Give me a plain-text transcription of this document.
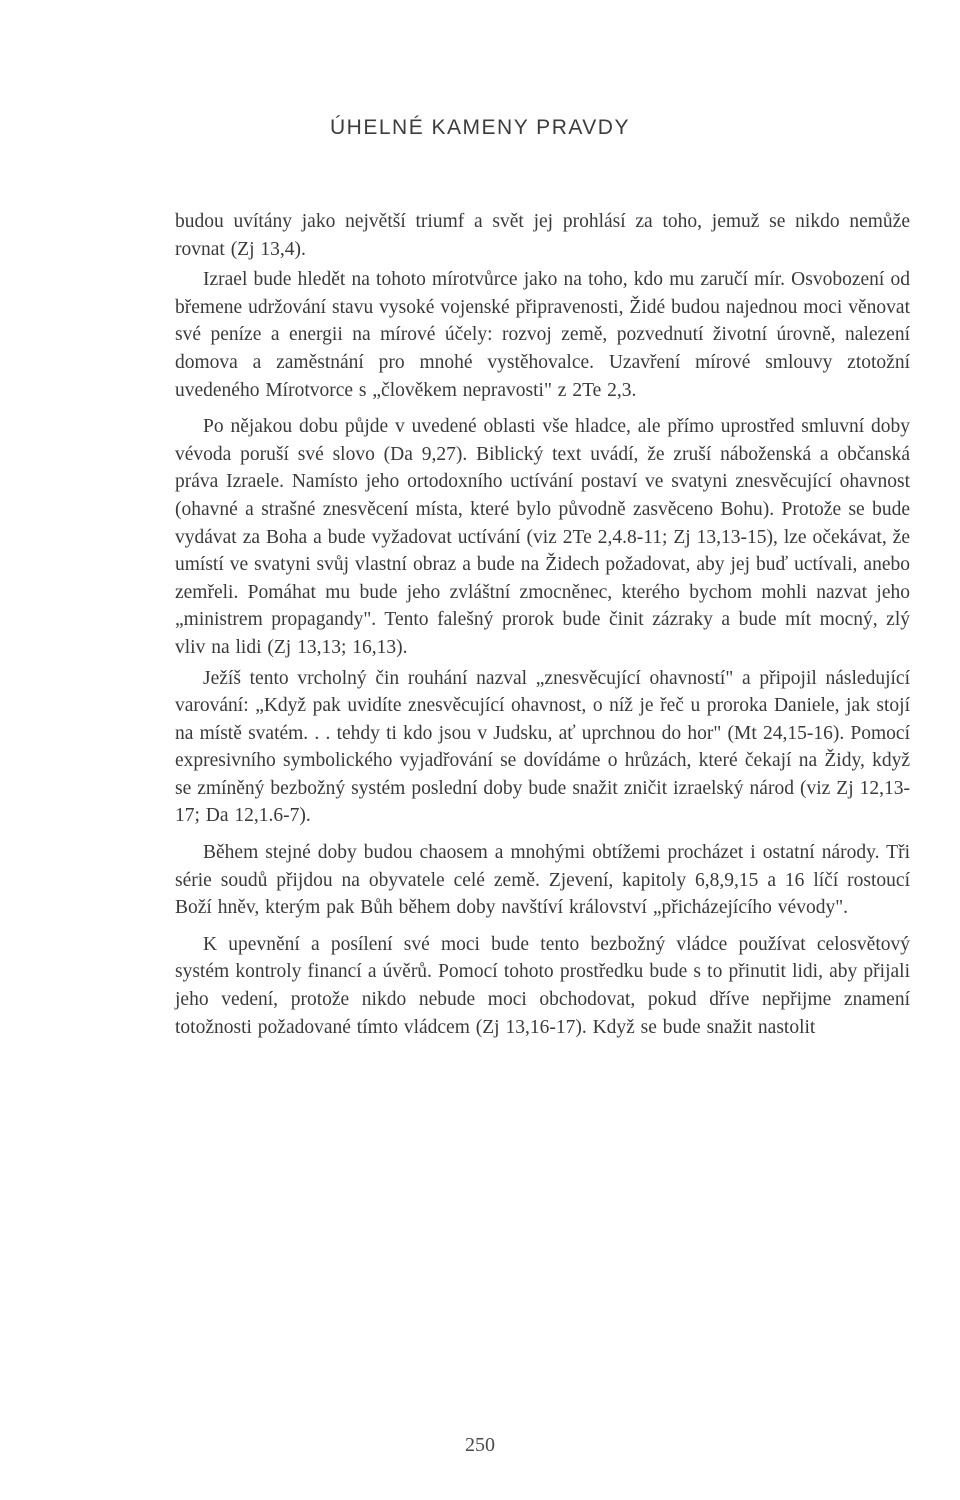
ÚHELNÉ KAMENY PRAVDY

budou uvítány jako největší triumf a svět jej prohlásí za toho, jemuž se nikdo nemůže rovnat (Zj 13,4).

Izrael bude hledět na tohoto mírotvůrce jako na toho, kdo mu zaručí mír. Osvobození od břemene udržování stavu vysoké vojenské připravenosti, Židé budou najednou moci věnovat své peníze a energii na mírové účely: rozvoj země, pozvednutí životní úrovně, nalezení domova a zaměstnání pro mnohé vystěhovalce. Uzavření mírové smlouvy ztotožní uvedeného Mírotvorce s „člověkem nepravosti" z 2Te 2,3.

Po nějakou dobu půjde v uvedené oblasti vše hladce, ale přímo uprostřed smluvní doby vévoda poruší své slovo (Da 9,27). Biblický text uvádí, že zruší náboženská a občanská práva Izraele. Namísto jeho ortodoxního uctívání postaví ve svatyni znesvěcující ohavnost (ohavné a strašné znesvěcení místa, které bylo původně zasvěceno Bohu). Protože se bude vydávat za Boha a bude vyžadovat uctívání (viz 2Te 2,4.8-11; Zj 13,13-15), lze očekávat, že umístí ve svatyni svůj vlastní obraz a bude na Židech požadovat, aby jej buď uctívali, anebo zemřeli. Pomáhat mu bude jeho zvláštní zmocněnec, kterého bychom mohli nazvat jeho „ministrem propagandy". Tento falešný prorok bude činit zázraky a bude mít mocný, zlý vliv na lidi (Zj 13,13; 16,13).

Ježíš tento vrcholný čin rouhání nazval „znesvěcující ohavností" a připojil následující varování: „Když pak uvidíte znesvěcující ohavnost, o níž je řeč u proroka Daniele, jak stojí na místě svatém. . . tehdy ti kdo jsou v Judsku, ať uprchnou do hor" (Mt 24,15-16). Pomocí expresivního symbolického vyjadřování se dovídáme o hrůzách, které čekají na Židy, když se zmíněný bezbožný systém poslední doby bude snažit zničit izraelský národ (viz Zj 12,13-17; Da 12,1.6-7).

Během stejné doby budou chaosem a mnohými obtížemi procházet i ostatní národy. Tři série soudů přijdou na obyvatele celé země. Zjevení, kapitoly 6,8,9,15 a 16 líčí rostoucí Boží hněv, kterým pak Bůh během doby navštíví království „přicházejícího vévody".

K upevnění a posílení své moci bude tento bezbožný vládce používat celosvětový systém kontroly financí a úvěrů. Pomocí tohoto prostředku bude s to přinutit lidi, aby přijali jeho vedení, protože nikdo nebude moci obchodovat, pokud dříve nepřijme znamení totožnosti požadované tímto vládcem (Zj 13,16-17). Když se bude snažit nastolit

250
